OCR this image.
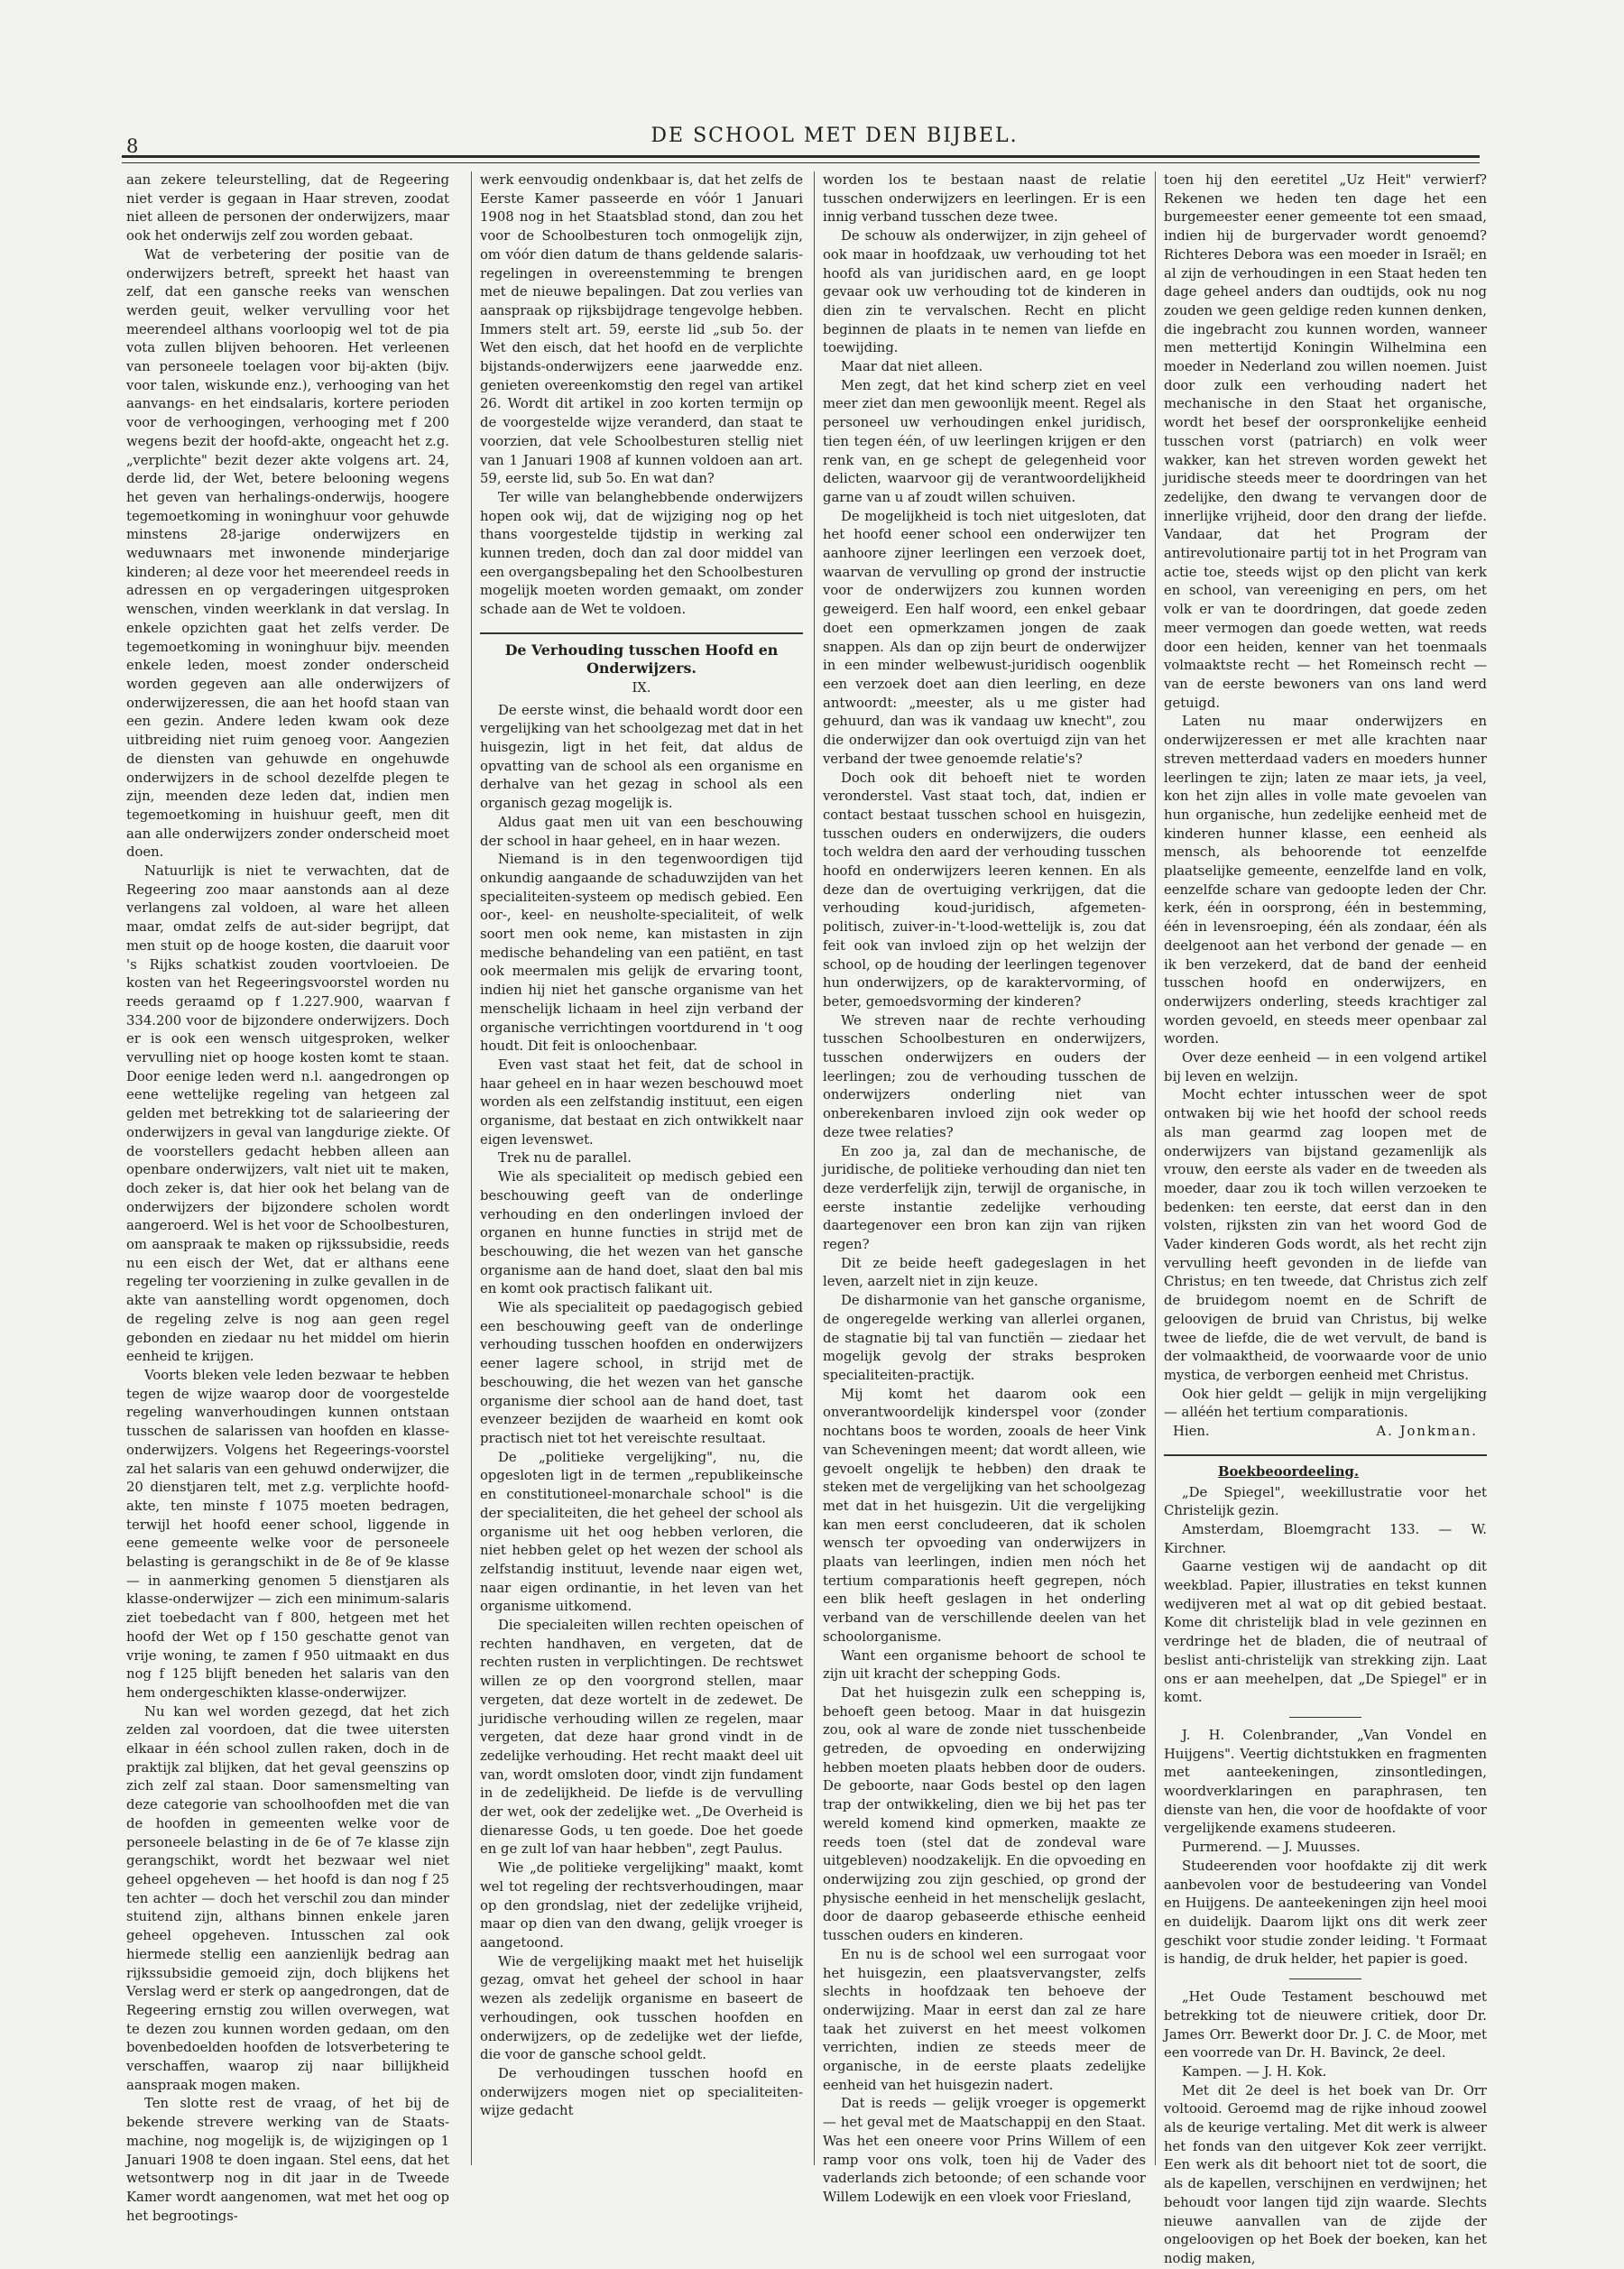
8	DE SCHOOL MET DEN BIJBEL.

aan zekere teleurstelling, dat de Regeering niet verder is gegaan in Haar streven, zoodat niet alleen de personen der onderwijzers, maar ook het onderwijs zelf zou worden gebaat.

Wat de verbetering der positie van de onderwijzers betreft, spreekt het haast van zelf, dat een gansche reeks van wenschen werden geuit, welker vervulling voor het meerendeel althans voorloopig wel tot de pia vota zullen blijven behooren. Het verleenen van personeele toelagen voor bij-akten (bijv. voor talen, wiskunde enz.), verhooging van het aanvangs- en het eindsalaris, kortere perioden voor de verhoogingen, verhooging met f 200 wegens bezit der hoofd-akte, ongeacht het z.g. „verplichte" bezit dezer akte volgens art. 24, derde lid, der Wet, betere belooning wegens het geven van herhalings-onderwijs, hoogere tegemoetkoming in woninghuur voor gehuwde minstens 28-jarige onderwijzers en weduwnaars met inwonende minderjarige kinderen; al deze voor het meerendeel reeds in adressen en op vergaderingen uitgesproken wenschen, vinden weerklank in dat verslag. In enkele opzichten gaat het zelfs verder. De tegemoetkoming in woninghuur bijv. meenden enkele leden, moest zonder onderscheid worden gegeven aan alle onderwijzers of onderwijzeressen, die aan het hoofd staan van een gezin. Andere leden kwam ook deze uitbreiding niet ruim genoeg voor. Aangezien de diensten van gehuwde en ongehuwde onderwijzers in de school dezelfde plegen te zijn, meenden deze leden dat, indien men tegemoetkoming in huishuur geeft, men dit aan alle onderwijzers zonder onderscheid moet doen.

Natuurlijk is niet te verwachten, dat de Regeering zoo maar aanstonds aan al deze verlangens zal voldoen, al ware het alleen maar, omdat zelfs de aut-sider begrijpt, dat men stuit op de hooge kosten, die daaruit voor 's Rijks schatkist zouden voortvloeien. De kosten van het Regeeringsvoorstel worden nu reeds geraamd op f 1.227.900, waarvan f 334.200 voor de bijzondere onderwijzers. Doch er is ook een wensch uitgesproken, welker vervulling niet op hooge kosten komt te staan. Door eenige leden werd n.l. aangedrongen op eene wettelijke regeling van hetgeen zal gelden met betrekking tot de salarieering der onderwijzers in geval van langdurige ziekte. Of de voorstellers gedacht hebben alleen aan openbare onderwijzers, valt niet uit te maken, doch zeker is, dat hier ook het belang van de onderwijzers der bijzondere scholen wordt aangeroerd. Wel is het voor de Schoolbesturen, om aanspraak te maken op rijkssubsidie, reeds nu een eisch der Wet, dat er althans eene regeling ter voorziening in zulke gevallen in de akte van aanstelling wordt opgenomen, doch de regeling zelve is nog aan geen regel gebonden en ziedaar nu het middel om hierin eenheid te krijgen.

Voorts bleken vele leden bezwaar te hebben tegen de wijze waarop door de voorgestelde regeling wanverhoudingen kunnen ontstaan tusschen de salarissen van hoofden en klasse-onderwijzers. Volgens het Regeerings-voorstel zal het salaris van een gehuwd onderwijzer, die 20 dienstjaren telt, met z.g. verplichte hoofd-akte, ten minste f 1075 moeten bedragen, terwijl het hoofd eener school, liggende in eene gemeente welke voor de personeele belasting is gerangschikt in de 8e of 9e klasse — in aanmerking genomen 5 dienstjaren als klasse-onderwijzer — zich een minimum-salaris ziet toebedacht van f 800, hetgeen met het hoofd der Wet op f 150 geschatte genot van vrije woning, te zamen f 950 uitmaakt en dus nog f 125 blijft beneden het salaris van den hem ondergeschikten klasse-onderwijzer.

Nu kan wel worden gezegd, dat het zich zelden zal voordoen, dat die twee uitersten elkaar in één school zullen raken, doch in de praktijk zal blijken, dat het geval geenszins op zich zelf zal staan. Door samensmelting van deze categorie van schoolhoofden met die van de hoofden in gemeenten welke voor de personeele belasting in de 6e of 7e klasse zijn gerangschikt, wordt het bezwaar wel niet geheel opgeheven — het hoofd is dan nog f 25 ten achter — doch het verschil zou dan minder stuitend zijn, althans binnen enkele jaren geheel opgeheven. Intusschen zal ook hiermede stellig een aanzienlijk bedrag aan rijkssubsidie gemoeid zijn, doch blijkens het Verslag werd er sterk op aangedrongen, dat de Regeering ernstig zou willen overwegen, wat te dezen zou kunnen worden gedaan, om den bovenbedoelden hoofden de lotsverbetering te verschaffen, waarop zij naar billijkheid aanspraak mogen maken.

Ten slotte rest de vraag, of het bij de bekende strevere werking van de Staats-machine, nog mogelijk is, de wijzigingen op 1 Januari 1908 te doen ingaan. Stel eens, dat het wetsontwerp nog in dit jaar in de Tweede Kamer wordt aangenomen, wat met het oog op het begrootings-

werk eenvoudig ondenkbaar is, dat het zelfs de Eerste Kamer passeerde en vóór 1 Januari 1908 nog in het Staatsblad stond, dan zou het voor de Schoolbesturen toch onmogelijk zijn, om vóór dien datum de thans geldende salaris-regelingen in overeenstemming te brengen met de nieuwe bepalingen. Dat zou verlies van aanspraak op rijksbijdrage tengevolge hebben. Immers stelt art. 59, eerste lid „sub 5o. der Wet den eisch, dat het hoofd en de verplichte bijstands-onderwijzers eene jaarwedde enz. genieten overeenkomstig den regel van artikel 26. Wordt dit artikel in zoo korten termijn op de voorgestelde wijze veranderd, dan staat te voorzien, dat vele Schoolbesturen stellig niet van 1 Januari 1908 af kunnen voldoen aan art. 59, eerste lid, sub 5o. En wat dan?

Ter wille van belanghebbende onderwijzers hopen ook wij, dat de wijziging nog op het thans voorgestelde tijdstip in werking zal kunnen treden, doch dan zal door middel van een overgangsbepaling het den Schoolbesturen mogelijk moeten worden gemaakt, om zonder schade aan de Wet te voldoen.

De Verhouding tusschen Hoofd en Onderwijzers.
IX.

De eerste winst, die behaald wordt door een vergelijking van het schoolgezag met dat in het huisgezin, ligt in het feit, dat aldus de opvatting van de school als een organisme en derhalve van het gezag in school als een organisch gezag mogelijk is.

Aldus gaat men uit van een beschouwing der school in haar geheel, en in haar wezen.

Niemand is in den tegenwoordigen tijd onkundig aangaande de schaduwzijden van het specialiteiten-systeem op medisch gebied. Een oor-, keel- en neusholte-specialiteit, of welk soort men ook neme, kan mistasten in zijn medische behandeling van een patiënt, en tast ook meermalen mis gelijk de ervaring toont, indien hij niet het gansche organisme van het menschelijk lichaam in heel zijn verband der organische verrichtingen voortdurend in 't oog houdt. Dit feit is onloochenbaar.

Even vast staat het feit, dat de school in haar geheel en in haar wezen beschouwd moet worden als een zelfstandig instituut, een eigen organisme, dat bestaat en zich ontwikkelt naar eigen levenswet.

Trek nu de parallel.

Wie als specialiteit op medisch gebied een beschouwing geeft van de onderlinge verhouding en den onderlingen invloed der organen en hunne functies in strijd met de beschouwing, die het wezen van het gansche organisme aan de hand doet, slaat den bal mis en komt ook practisch falikant uit.

Wie als specialiteit op paedagogisch gebied een beschouwing geeft van de onderlinge verhouding tusschen hoofden en onderwijzers eener lagere school, in strijd met de beschouwing, die het wezen van het gansche organisme dier school aan de hand doet, tast evenzeer bezijden de waarheid en komt ook practisch niet tot het vereischte resultaat.

De „politieke vergelijking", nu, die opgesloten ligt in de termen „republikeinsche en constitutioneel-monarchale school" is die der specialiteiten, die het geheel der school als organisme uit het oog hebben verloren, die niet hebben gelet op het wezen der school als zelfstandig instituut, levende naar eigen wet, naar eigen ordinantie, in het leven van het organisme uitkomend.

Die specialeiten willen rechten opeischen of rechten handhaven, en vergeten, dat de rechten rusten in verplichtingen. De rechtswet willen ze op den voorgrond stellen, maar vergeten, dat deze wortelt in de zedewet. De juridische verhouding willen ze regelen, maar vergeten, dat deze haar grond vindt in de zedelijke verhouding. Het recht maakt deel uit van, wordt omsloten door, vindt zijn fundament in de zedelijkheid. De liefde is de vervulling der wet, ook der zedelijke wet. „De Overheid is dienaresse Gods, u ten goede. Doe het goede en ge zult lof van haar hebben", zegt Paulus.

Wie „de politieke vergelijking" maakt, komt wel tot regeling der rechtsverhoudingen, maar op den grondslag, niet der zedelijke vrijheid, maar op dien van den dwang, gelijk vroeger is aangetoond.

Wie de vergelijking maakt met het huiselijk gezag, omvat het geheel der school in haar wezen als zedelijk organisme en baseert de verhoudingen, ook tusschen hoofden en onderwijzers, op de zedelijke wet der liefde, die voor de gansche school geldt.

De verhoudingen tusschen hoofd en onderwijzers mogen niet op specialiteiten-wijze gedacht

worden los te bestaan naast de relatie tusschen onderwijzers en leerlingen. Er is een innig verband tusschen deze twee.

De schouw als onderwijzer, in zijn geheel of ook maar in hoofdzaak, uw verhouding tot het hoofd als van juridischen aard, en ge loopt gevaar ook uw verhouding tot de kinderen in dien zin te vervalschen. Recht en plicht beginnen de plaats in te nemen van liefde en toewijding.

Maar dat niet alleen.

Men zegt, dat het kind scherp ziet en veel meer ziet dan men gewoonlijk meent. Regel als personeel uw verhoudingen enkel juridisch, tien tegen één, of uw leerlingen krijgen er den renk van, en ge schept de gelegenheid voor delicten, waarvoor gij de verantwoordelijkheid garne van u af zoudt willen schuiven.

De mogelijkheid is toch niet uitgesloten, dat het hoofd eener school een onderwijzer ten aanhoore zijner leerlingen een verzoek doet, waarvan de vervulling op grond der instructie voor de onderwijzers zou kunnen worden geweigerd. Een half woord, een enkel gebaar doet een opmerkzamen jongen de zaak snappen. Als dan op zijn beurt de onderwijzer in een minder welbewust-juridisch oogenblik een verzoek doet aan dien leerling, en deze antwoordt: „meester, als u me gister had gehuurd, dan was ik vandaag uw knecht", zou die onderwijzer dan ook overtuigd zijn van het verband der twee genoemde relatie's?

Doch ook dit behoeft niet te worden veronderstel. Vast staat toch, dat, indien er contact bestaat tusschen school en huisgezin, tusschen ouders en onderwijzers, die ouders toch weldra den aard der verhouding tusschen hoofd en onderwijzers leeren kennen. En als deze dan de overtuiging verkrijgen, dat die verhouding koud-juridisch, afgemeten-politisch, zuiver-in-'t-lood-wettelijk is, zou dat feit ook van invloed zijn op het welzijn der school, op de houding der leerlingen tegenover hun onderwijzers, op de karaktervorming, of beter, gemoedsvorming der kinderen?

We streven naar de rechte verhouding tusschen Schoolbesturen en onderwijzers, tusschen onderwijzers en ouders der leerlingen; zou de verhouding tusschen de onderwijzers onderling niet van onberekenbaren invloed zijn ook weder op deze twee relaties?

En zoo ja, zal dan de mechanische, de juridische, de politieke verhouding dan niet ten deze verderfelijk zijn, terwijl de organische, in eerste instantie zedelijke verhouding daartegenover een bron kan zijn van rijken regen?

Dit ze beide heeft gadegeslagen in het leven, aarzelt niet in zijn keuze.

De disharmonie van het gansche organisme, de ongeregelde werking van allerlei organen, de stagnatie bij tal van functiën — ziedaar het mogelijk gevolg der straks besproken specialiteiten-practijk.

Mij komt het daarom ook een onverantwoordelijk kinderspel voor (zonder nochtans boos te worden, zooals de heer Vink van Scheveningen meent; dat wordt alleen, wie gevoelt ongelijk te hebben) den draak te steken met de vergelijking van het schoolgezag met dat in het huisgezin. Uit die vergelijking kan men eerst concludeeren, dat ik scholen wensch ter opvoeding van onderwijzers in plaats van leerlingen, indien men nóch het tertium comparationis heeft gegrepen, nóch een blik heeft geslagen in het onderling verband van de verschillende deelen van het schoolorganisme.

Want een organisme behoort de school te zijn uit kracht der schepping Gods.

Dat het huisgezin zulk een schepping is, behoeft geen betoog. Maar in dat huisgezin zou, ook al ware de zonde niet tusschenbeide getreden, de opvoeding en onderwijzing hebben moeten plaats hebben door de ouders. De geboorte, naar Gods bestel op den lagen trap der ontwikkeling, dien we bij het pas ter wereld komend kind opmerken, maakte ze reeds toen (stel dat de zondeval ware uitgebleven) noodzakelijk. En die opvoeding en onderwijzing zou zijn geschied, op grond der physische eenheid in het menschelijk geslacht, door de daarop gebaseerde ethische eenheid tusschen ouders en kinderen.

En nu is de school wel een surrogaat voor het huisgezin, een plaatsvervangster, zelfs slechts in hoofdzaak ten behoeve der onderwijzing. Maar in eerst dan zal ze hare taak het zuiverst en het meest volkomen verrichten, indien ze steeds meer de organische, in de eerste plaats zedelijke eenheid van het huisgezin nadert.

Dat is reeds — gelijk vroeger is opgemerkt — het geval met de Maatschappij en den Staat. Was het een oneere voor Prins Willem of een ramp voor ons volk, toen hij de Vader des vaderlands zich betoonde; of een schande voor Willem Lodewijk en een vloek voor Friesland,

toen hij den eeretitel „Uz Heit" verwierf? Rekenen we heden ten dage het een burgemeester eener gemeente tot een smaad, indien hij de burgervader wordt genoemd? Richteres Debora was een moeder in Israël; en al zijn de verhoudingen in een Staat heden ten dage geheel anders dan oudtijds, ook nu nog zouden we geen geldige reden kunnen denken, die ingebracht zou kunnen worden, wanneer men mettertijd Koningin Wilhelmina een moeder in Nederland zou willen noemen. Juist door zulk een verhouding nadert het mechanische in den Staat het organische, wordt het besef der oorspronkelijke eenheid tusschen vorst (patriarch) en volk weer wakker, kan het streven worden gewekt het juridische steeds meer te doordringen van het zedelijke, den dwang te vervangen door de innerlijke vrijheid, door den drang der liefde. Vandaar, dat het Program der antirevolutionaire partij tot in het Program van actie toe, steeds wijst op den plicht van kerk en school, van vereeniging en pers, om het volk er van te doordringen, dat goede zeden meer vermogen dan goede wetten, wat reeds door een heiden, kenner van het toenmaals volmaaktste recht — het Romeinsch recht — van de eerste bewoners van ons land werd getuigd.

Laten nu maar onderwijzers en onderwijzeressen er met alle krachten naar streven metterdaad vaders en moeders hunner leerlingen te zijn; laten ze maar iets, ja veel, kon het zijn alles in volle mate gevoelen van hun organische, hun zedelijke eenheid met de kinderen hunner klasse, een eenheid als mensch, als behoorende tot eenzelfde plaatselijke gemeente, eenzelfde land en volk, eenzelfde schare van gedoopte leden der Chr. kerk, één in oorsprong, één in bestemming, één in levensroeping, één als zondaar, één als deelgenoot aan het verbond der genade — en ik ben verzekerd, dat de band der eenheid tusschen hoofd en onderwijzers, en onderwijzers onderling, steeds krachtiger zal worden gevoeld, en steeds meer openbaar zal worden.

Over deze eenheid — in een volgend artikel bij leven en welzijn.

Mocht echter intusschen weer de spot ontwaken bij wie het hoofd der school reeds als man gearmd zag loopen met de onderwijzers van bijstand gezamenlijk als vrouw, den eerste als vader en de tweeden als moeder, daar zou ik toch willen verzoeken te bedenken: ten eerste, dat eerst dan in den volsten, rijksten zin van het woord God de Vader kinderen Gods wordt, als het recht zijn vervulling heeft gevonden in de liefde van Christus; en ten tweede, dat Christus zich zelf de bruidegom noemt en de Schrift de geloovigen de bruid van Christus, bij welke twee de liefde, die de wet vervult, de band is der volmaaktheid, de voorwaarde voor de unio mystica, de verborgen eenheid met Christus.

Ook hier geldt — gelijk in mijn vergelijking — alléén het tertium comparationis.

Hien.	A. Jonkman.
Boekbeoordeeling.

„De Spiegel", weekillustratie voor het Christelijk gezin.

Amsterdam, Bloemgracht 133. — W. Kirchner.

Gaarne vestigen wij de aandacht op dit weekblad. Papier, illustraties en tekst kunnen wedijveren met al wat op dit gebied bestaat. Kome dit christelijk blad in vele gezinnen en verdringe het de bladen, die of neutraal of beslist anti-christelijk van strekking zijn. Laat ons er aan meehelpen, dat „De Spiegel" er in komt.

J. H. Colenbrander, „Van Vondel en Huijgens". Veertig dichtstukken en fragmenten met aanteekeningen, zinsontledingen, woordverklaringen en paraphrasen, ten dienste van hen, die voor de hoofdakte of voor vergelijkende examens studeeren.

Purmerend. — J. Muusses.

Studeerenden voor hoofdakte zij dit werk aanbevolen voor de bestudeering van Vondel en Huijgens. De aanteekeningen zijn heel mooi en duidelijk. Daarom lijkt ons dit werk zeer geschikt voor studie zonder leiding. 't Formaat is handig, de druk helder, het papier is goed.

„Het Oude Testament beschouwd met betrekking tot de nieuwere critiek, door Dr. James Orr. Bewerkt door Dr. J. C. de Moor, met een voorrede van Dr. H. Bavinck, 2e deel.

Kampen. — J. H. Kok.

Met dit 2e deel is het boek van Dr. Orr voltooid. Geroemd mag de rijke inhoud zoowel als de keurige vertaling. Met dit werk is alweer het fonds van den uitgever Kok zeer verrijkt. Een werk als dit behoort niet tot de soort, die als de kapellen, verschijnen en verdwijnen; het behoudt voor langen tijd zijn waarde. Slechts nieuwe aanvallen van de zijde der ongeloovigen op het Boek der boeken, kan het nodig maken,
